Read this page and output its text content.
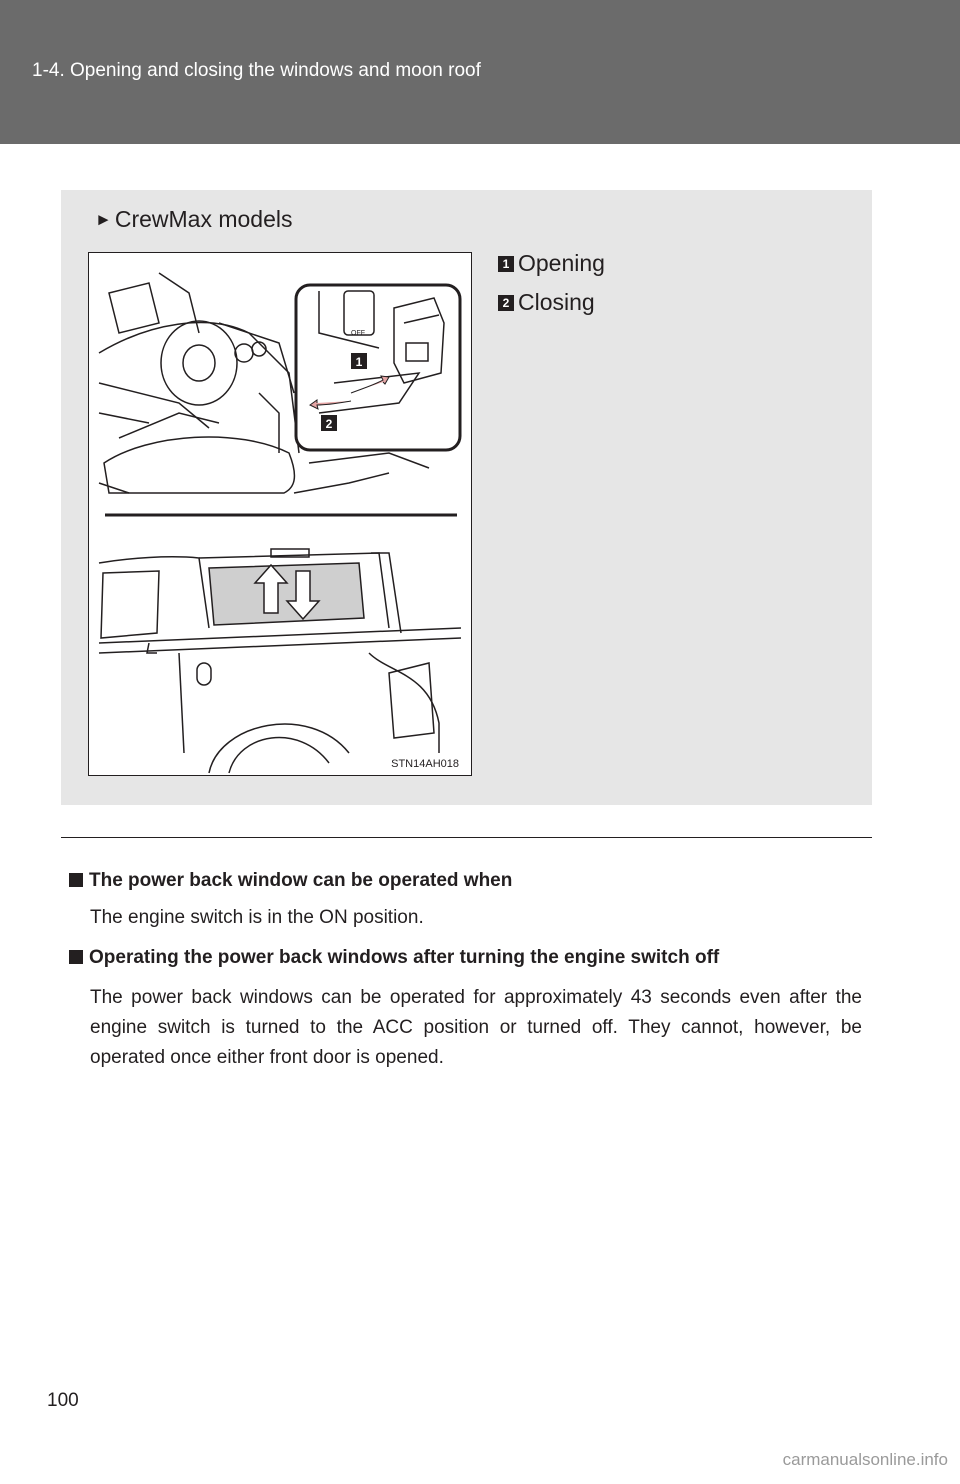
1-4. Opening and closing the windows and moon roof
► CrewMax models
OFF
1
2
STN14AH018
1 Opening
2 Closing
The power back window can be operated when
The engine switch is in the ON position.
Operating the power back windows after turning the engine switch off
The power back windows can be operated for approximately 43 seconds even after the engine switch is turned to the ACC position or turned off. They cannot, however, be operated once either front door is opened.
100
carmanualsonline.info
